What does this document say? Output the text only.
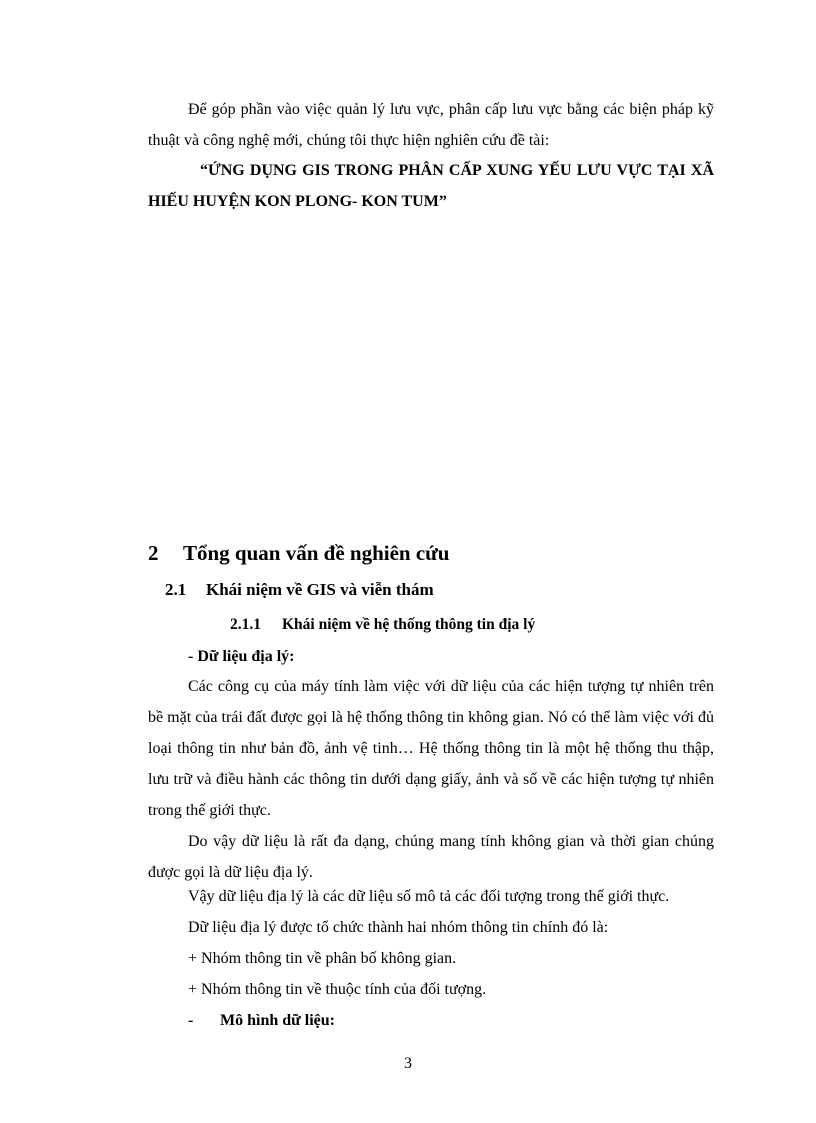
Để góp phần vào việc quản lý lưu vực, phân cấp lưu vực bằng các biện pháp kỹ thuật và công nghệ mới, chúng tôi thực hiện nghiên cứu đề tài:

“ỨNG DỤNG GIS TRONG PHÂN CẤP XUNG YẾU LƯU VỰC TẠI XÃ HIẾU HUYỆN KON PLONG- KON TUM”

2 Tổng quan vấn đề nghiên cứu
2.1 Khái niệm về GIS và viễn thám
2.1.1 Khái niệm về hệ thống thông tin địa lý

- Dữ liệu địa lý:

Các công cụ của máy tính làm việc với dữ liệu của các hiện tượng tự nhiên trên bề mặt của trái đất được gọi là hệ thống thông tin không gian. Nó có thể làm việc với đủ loại thông tin như bản đồ, ảnh vệ tinh… Hệ thống thông tin là một hệ thống thu thập, lưu trữ và điều hành các thông tin dưới dạng giấy, ảnh và số về các hiện tượng tự nhiên trong thế giới thực.

Do vậy dữ liệu là rất đa dạng, chúng mang tính không gian và thời gian chúng được gọi là dữ liệu địa lý.

Vậy dữ liệu địa lý là các dữ liệu số mô tả các đối tượng trong thế giới thực.

Dữ liệu địa lý được tổ chức thành hai nhóm thông tin chính đó là:

+ Nhóm thông tin về phân bố không gian.

+ Nhóm thông tin về thuộc tính của đối tượng.

- Mô hình dữ liệu:

3
